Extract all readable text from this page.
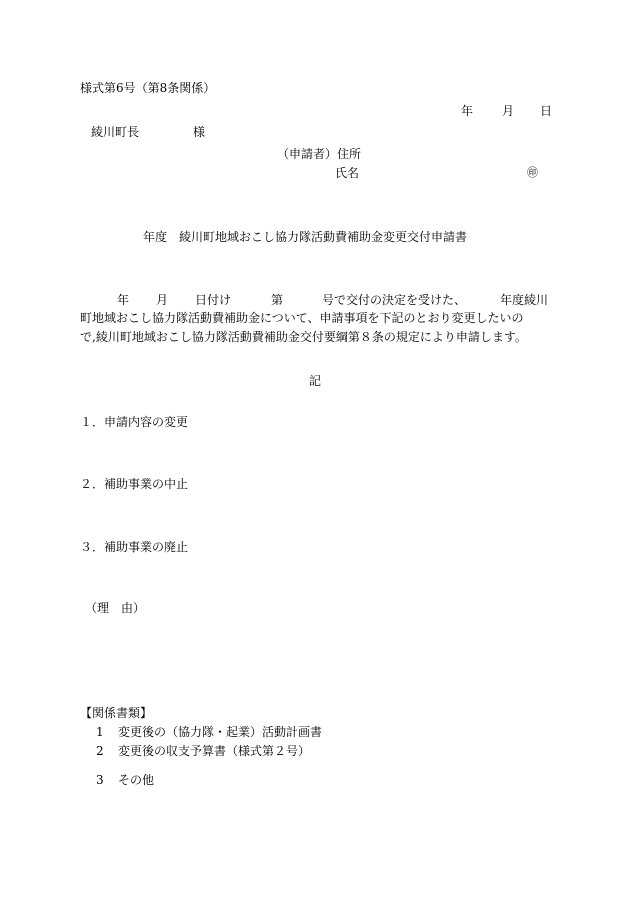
様式第6号（第8条関係）
年 月 日
綾川町長	様
（申請者）住所
氏名	㊞
年度　綾川町地域おこし協力隊活動費補助金変更交付申請書
年 月 日付け	第	号で交付の決定を受けた、	年度綾川
町地域おこし協力隊活動費補助金について、申請事項を下記のとおり変更したいの
で,綾川町地域おこし協力隊活動費補助金交付要綱第８条の規定により申請します。
記
１．申請内容の変更
２．補助事業の中止
３．補助事業の廃止
（理　由）
【関係書類】
1 変更後の（協力隊・起業）活動計画書
2 変更後の収支予算書（様式第２号）
3 その他
